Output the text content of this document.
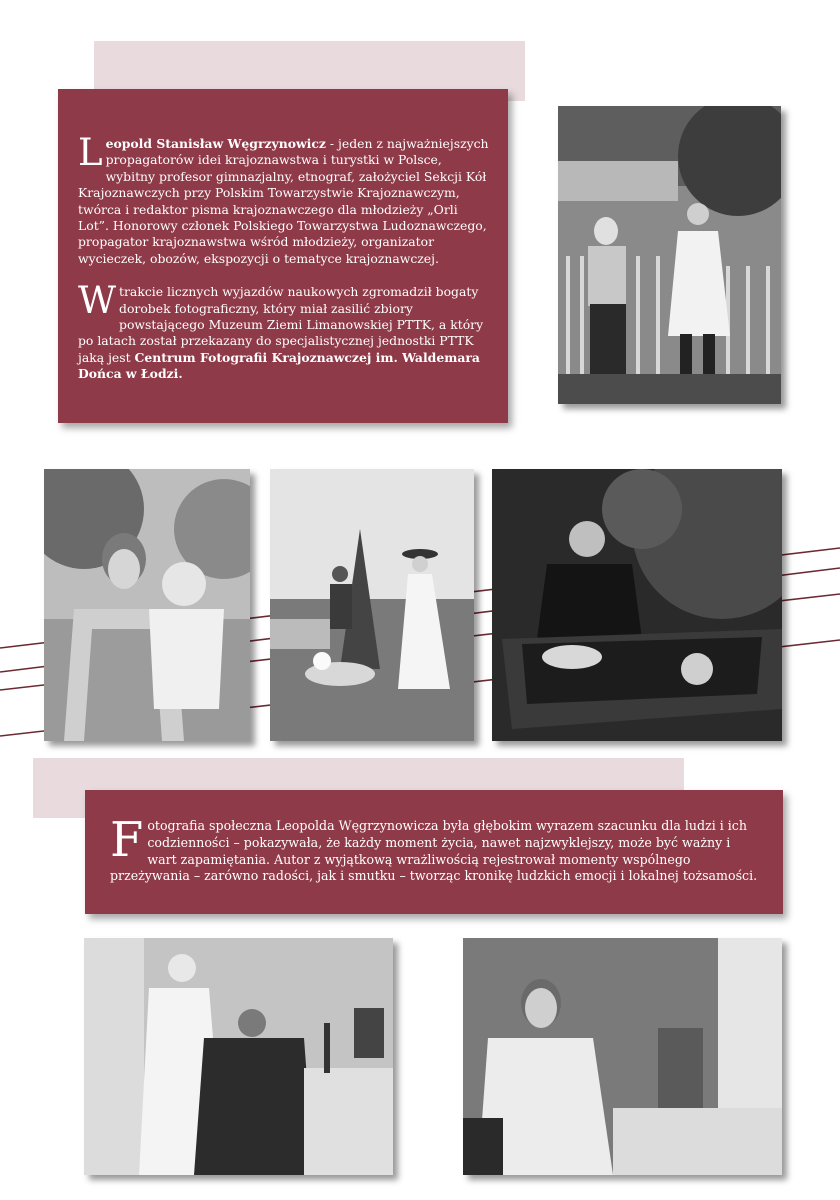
Leopold Stanisław Węgrzynowicz - jeden z najważniejszych propagatorów idei krajoznawstwa i turystki w Polsce, wybitny profesor gimnazjalny, etnograf, założyciel Sekcji Kół Krajoznawczych przy Polskim Towarzystwie Krajoznawczym, twórca i redaktor pisma krajoznawczego dla młodzieży „Orli Lot”. Honorowy członek Polskiego Towarzystwa Ludoznawczego, propagator krajoznawstwa wśród młodzieży, organizator wycieczek, obozów, ekspozycji o tematyce krajoznawczej.

W trakcie licznych wyjazdów naukowych zgromadził bogaty dorobek fotograficzny, który miał zasilić zbiory powstającego Muzeum Ziemi Limanowskiej PTTK, a który po latach został przekazany do specjalistycznej jednostki PTTK jaką jest Centrum Fotografii Krajoznawczej im. Waldemara Dońca w Łodzi.

Fotografia społeczna Leopolda Węgrzynowicza była głębokim wyrazem szacunku dla ludzi i ich codzienności – pokazywała, że każdy moment życia, nawet najzwyklejszy, może być ważny i wart zapamiętania. Autor z wyjątkową wrażliwością rejestrował momenty wspólnego przeżywania – zarówno radości, jak i smutku – tworząc kronikę ludzkich emocji i lokalnej tożsamości.
